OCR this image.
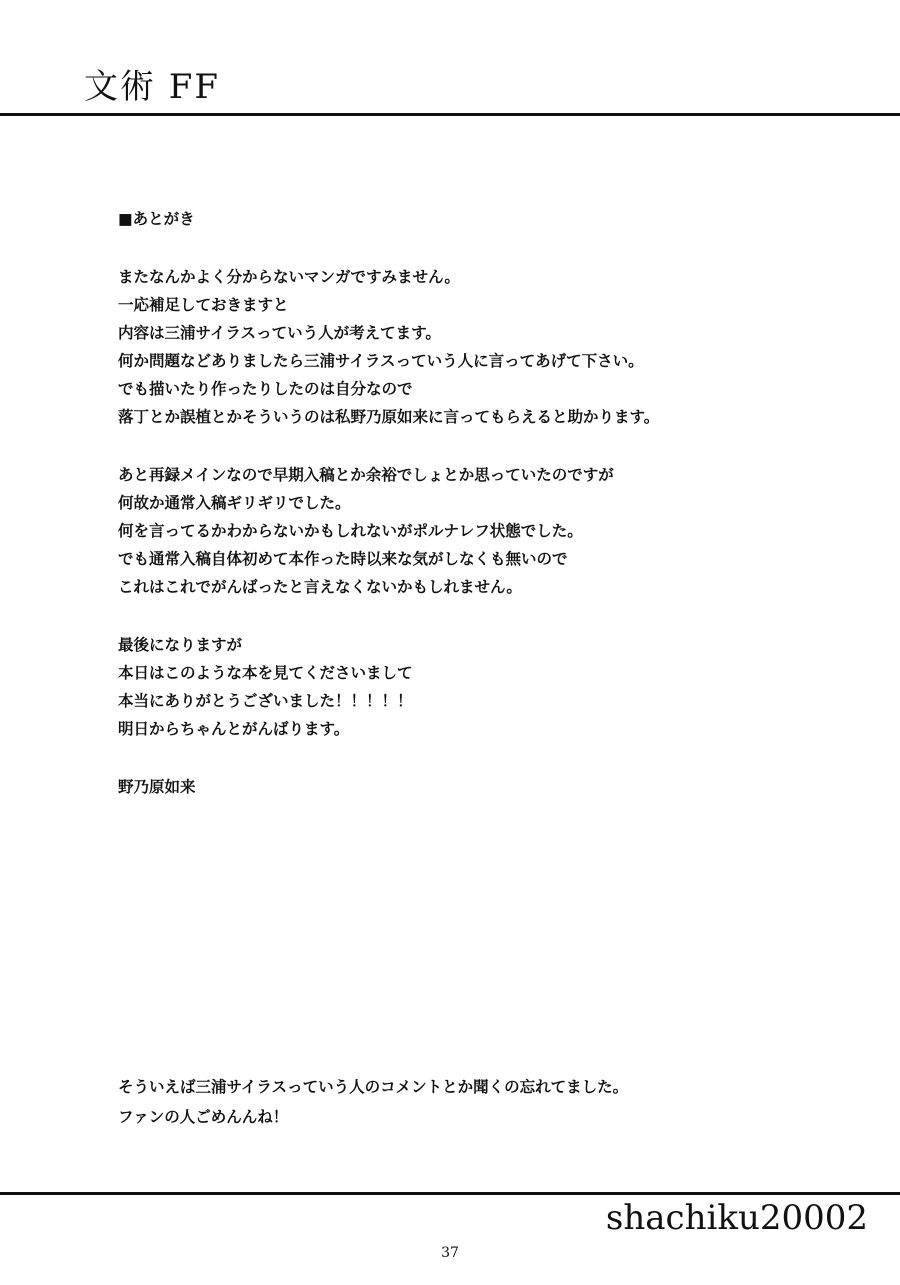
文術 FF
■あとがき
またなんかよく分からないマンガですみません。
一応補足しておきますと
内容は三浦サイラスっていう人が考えてます。
何か問題などありましたら三浦サイラスっていう人に言ってあげて下さい。
でも描いたり作ったりしたのは自分なので
落丁とか誤植とかそういうのは私野乃原如来に言ってもらえると助かります。
あと再録メインなので早期入稿とか余裕でしょとか思っていたのですが
何故か通常入稿ギリギリでした。
何を言ってるかわからないかもしれないがポルナレフ状態でした。
でも通常入稿自体初めて本作った時以来な気がしなくも無いので
これはこれでがんばったと言えなくないかもしれません。
最後になりますが
本日はこのような本を見てくださいまして
本当にありがとうございました！！！！！
明日からちゃんとがんばります。
野乃原如来
そういえば三浦サイラスっていう人のコメントとか聞くの忘れてました。
ファンの人ごめんんね！
shachiku20002
37
